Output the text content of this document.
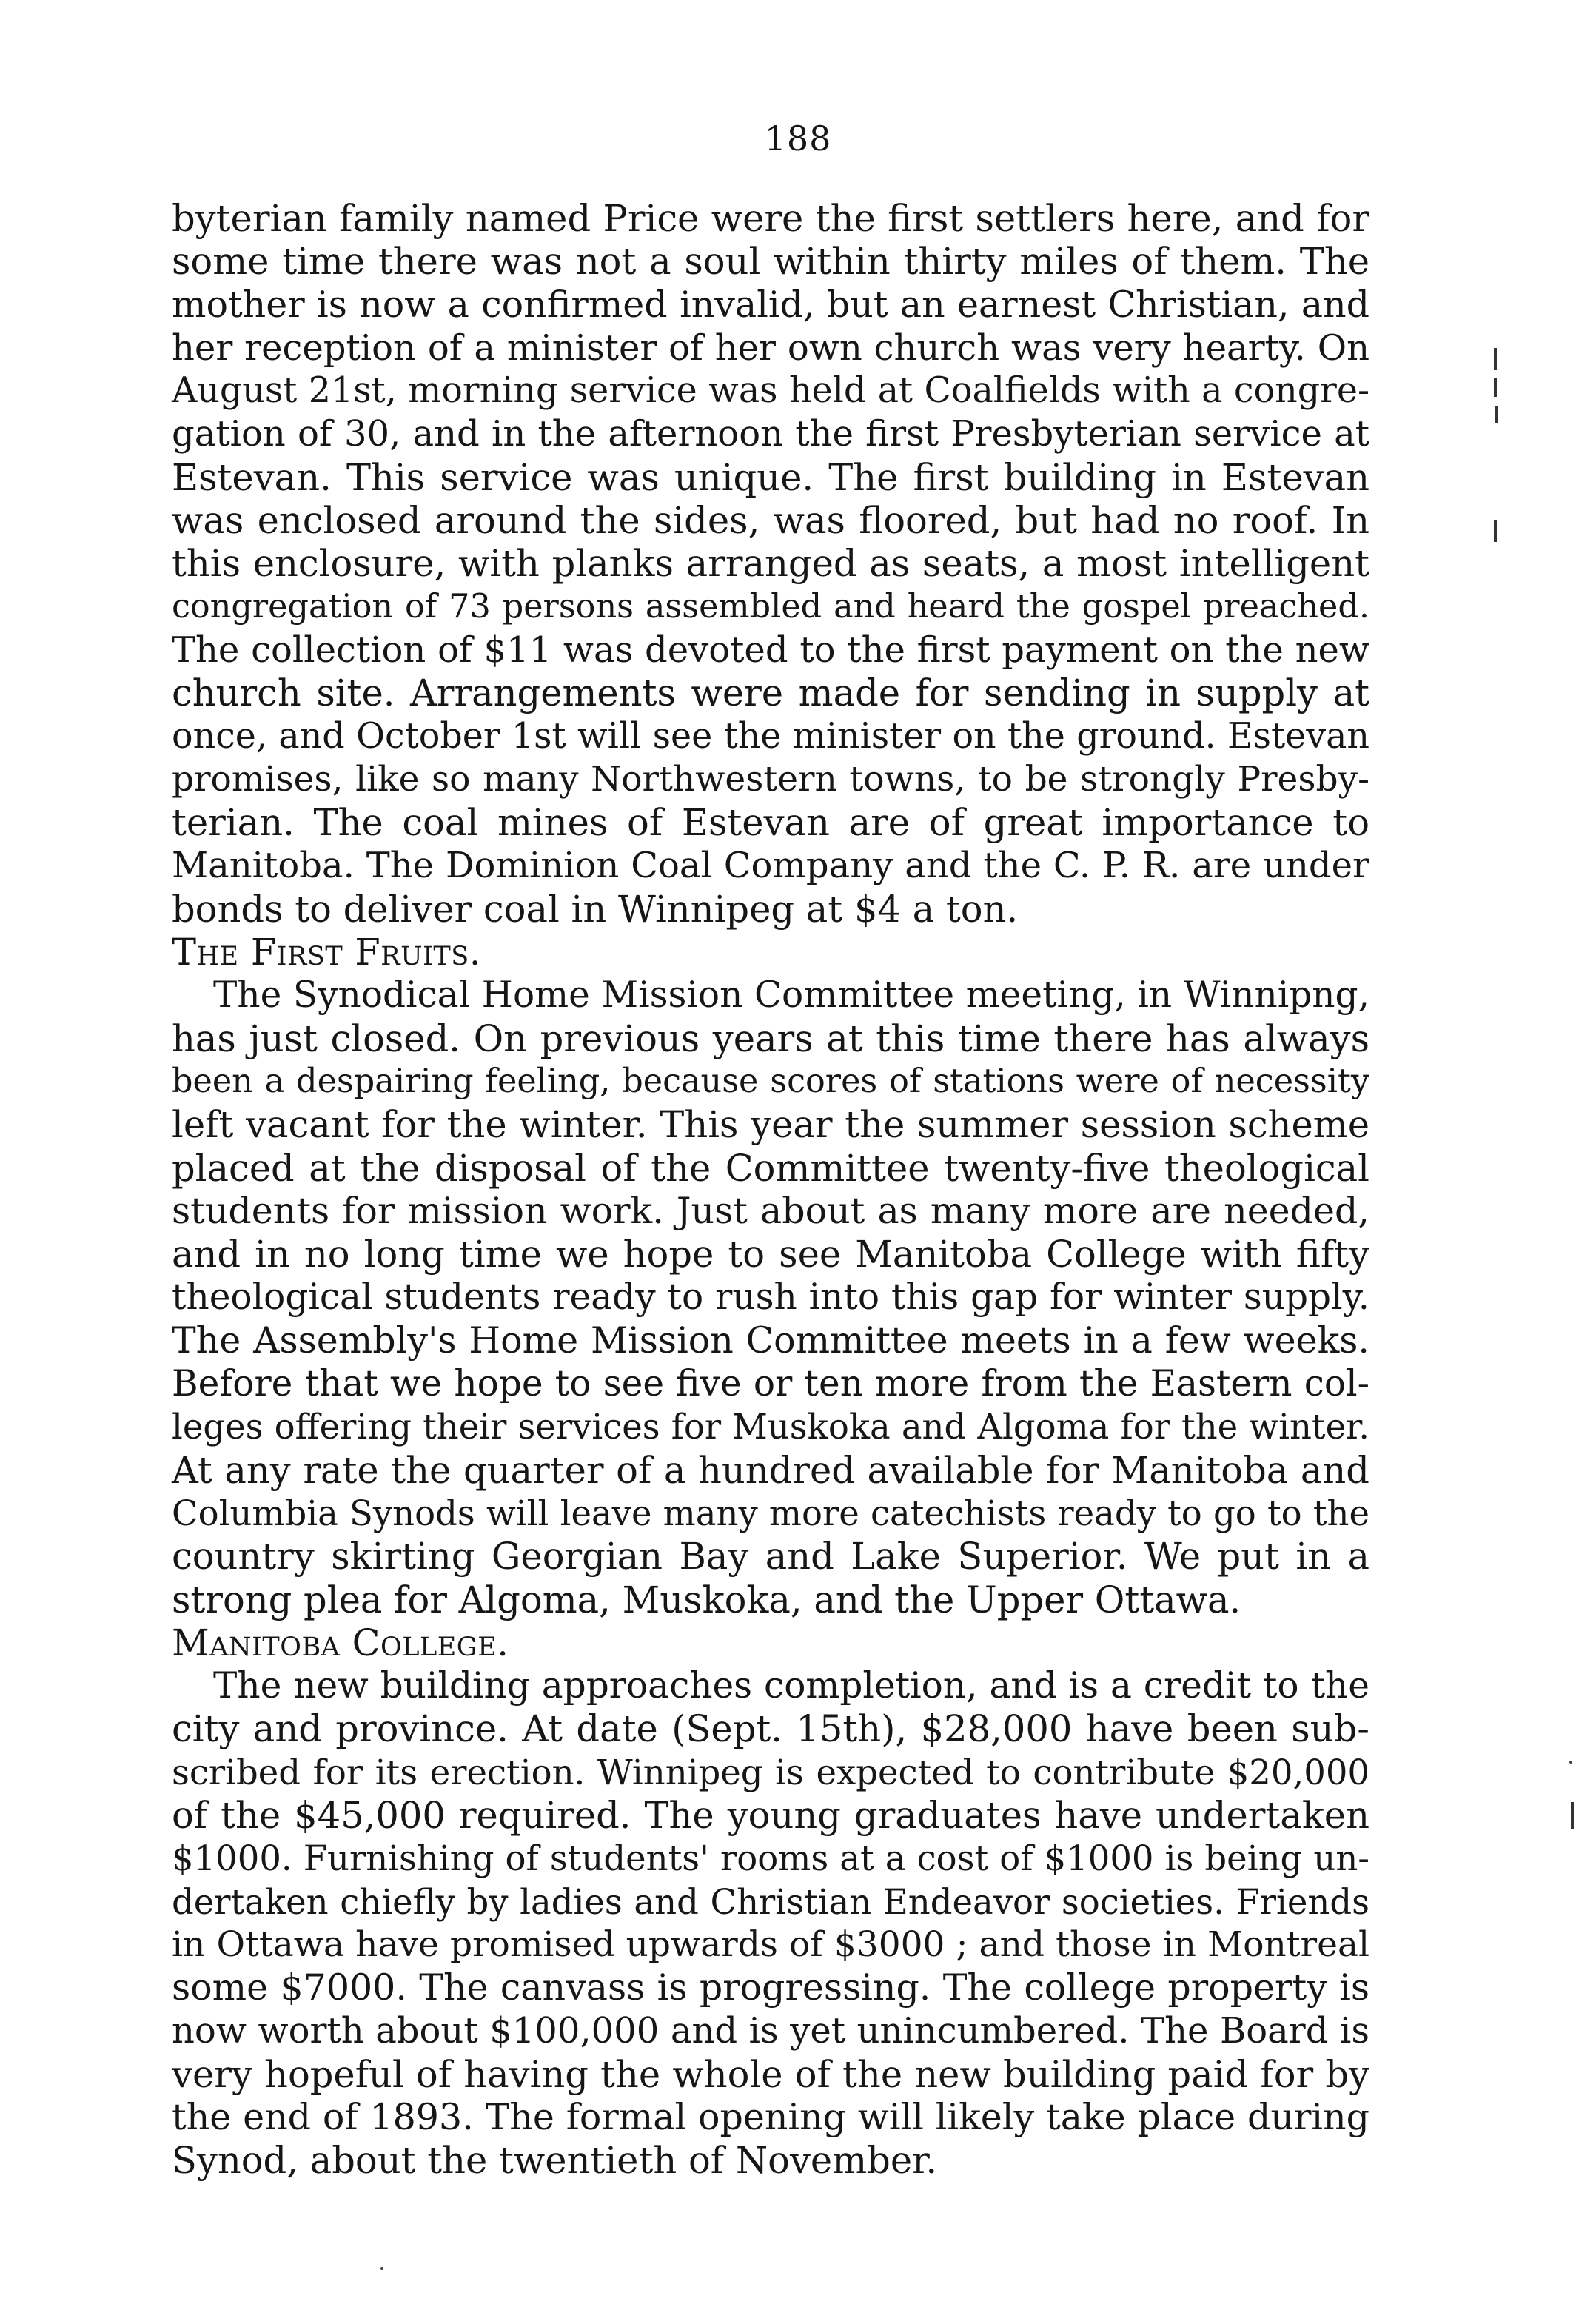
188
byterian family named Price were the first settlers here, and for
some time there was not a soul within thirty miles of them. The
mother is now a confirmed invalid, but an earnest Christian, and
her reception of a minister of her own church was very hearty. On
August 21st, morning service was held at Coalfields with a congre-
gation of 30, and in the afternoon the first Presbyterian service at
Estevan. This service was unique. The first building in Estevan
was enclosed around the sides, was floored, but had no roof. In
this enclosure, with planks arranged as seats, a most intelligent
congregation of 73 persons assembled and heard the gospel preached.
The collection of $11 was devoted to the first payment on the new
church site. Arrangements were made for sending in supply at
once, and October 1st will see the minister on the ground. Estevan
promises, like so many Northwestern towns, to be strongly Presby-
terian. The coal mines of Estevan are of great importance to
Manitoba. The Dominion Coal Company and the C. P. R. are under
bonds to deliver coal in Winnipeg at $4 a ton.
The First Fruits.
The Synodical Home Mission Committee meeting, in Winnipng,
has just closed. On previous years at this time there has always
been a despairing feeling, because scores of stations were of necessity
left vacant for the winter. This year the summer session scheme
placed at the disposal of the Committee twenty-five theological
students for mission work. Just about as many more are needed,
and in no long time we hope to see Manitoba College with fifty
theological students ready to rush into this gap for winter supply.
The Assembly's Home Mission Committee meets in a few weeks.
Before that we hope to see five or ten more from the Eastern col-
leges offering their services for Muskoka and Algoma for the winter.
At any rate the quarter of a hundred available for Manitoba and
Columbia Synods will leave many more catechists ready to go to the
country skirting Georgian Bay and Lake Superior. We put in a
strong plea for Algoma, Muskoka, and the Upper Ottawa.
Manitoba College.
The new building approaches completion, and is a credit to the
city and province. At date (Sept. 15th), $28,000 have been sub-
scribed for its erection. Winnipeg is expected to contribute $20,000
of the $45,000 required. The young graduates have undertaken
$1000. Furnishing of students' rooms at a cost of $1000 is being un-
dertaken chiefly by ladies and Christian Endeavor societies. Friends
in Ottawa have promised upwards of $3000 ; and those in Montreal
some $7000. The canvass is progressing. The college property is
now worth about $100,000 and is yet unincumbered. The Board is
very hopeful of having the whole of the new building paid for by
the end of 1893. The formal opening will likely take place during
Synod, about the twentieth of November.
